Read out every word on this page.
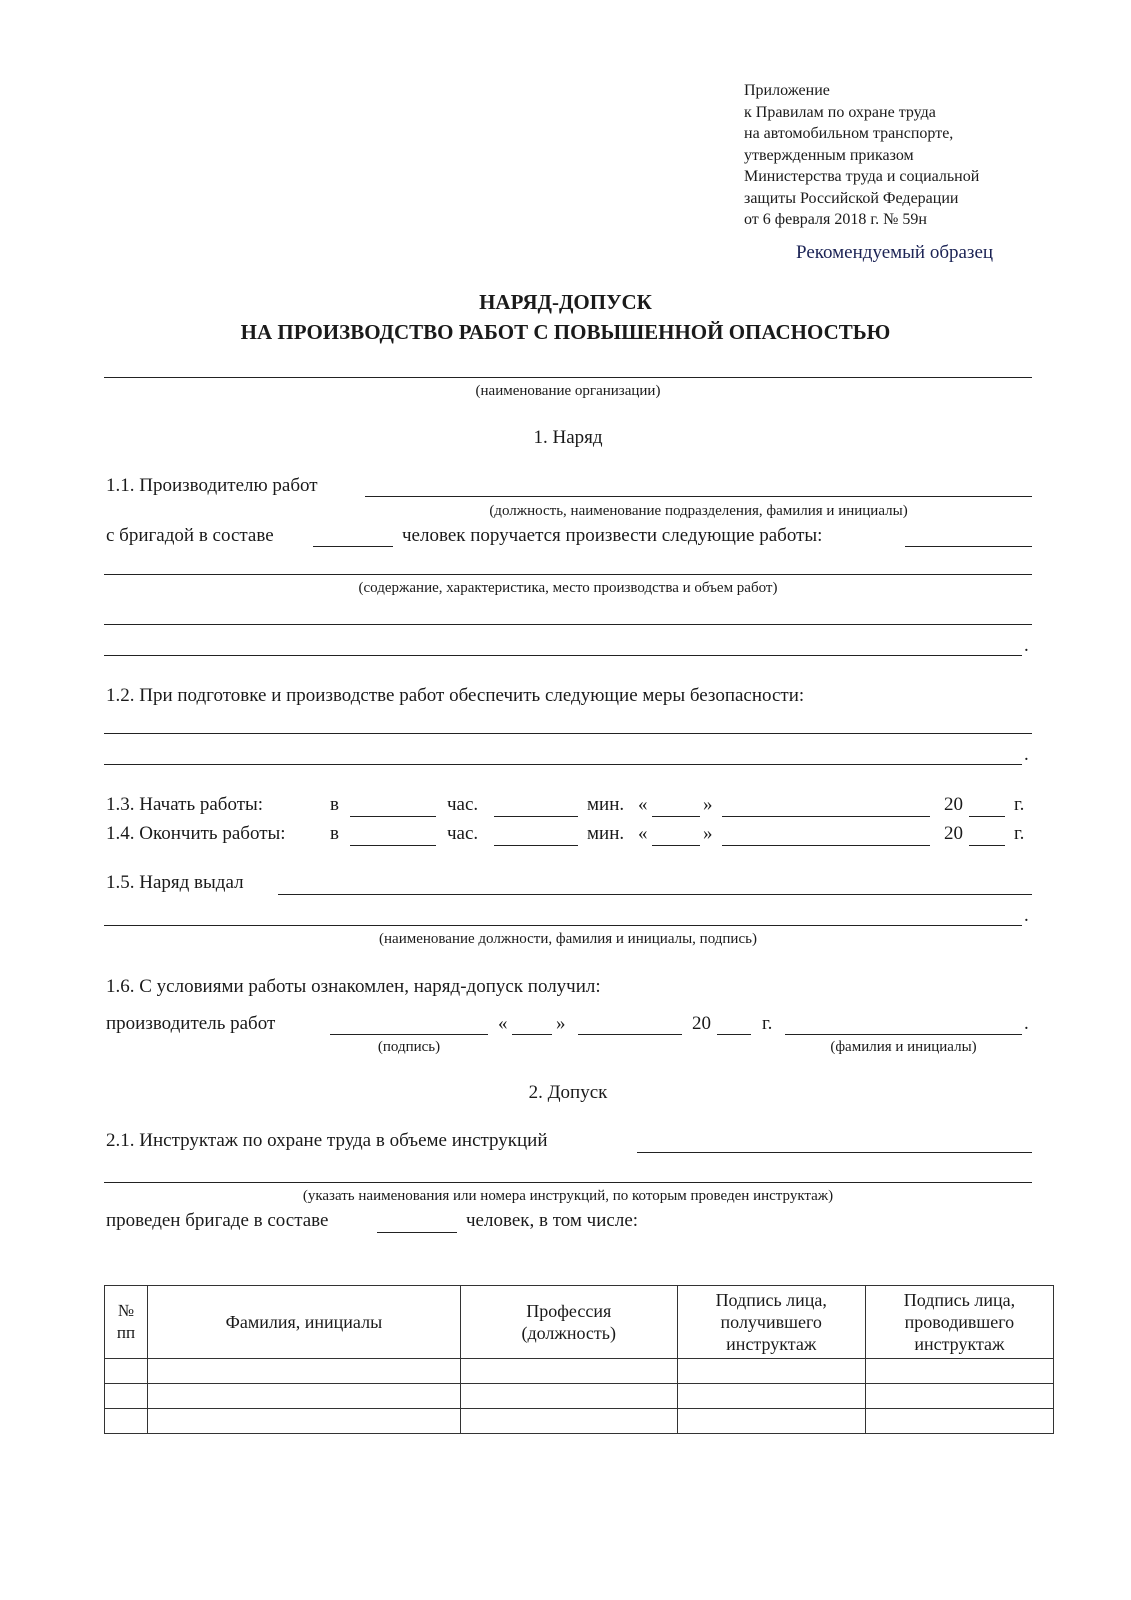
Приложение
к Правилам по охране труда
на автомобильном транспорте,
утвержденным приказом
Министерства труда и социальной
защиты Российской Федерации
от 6 февраля 2018 г. № 59н
Рекомендуемый образец
НАРЯД-ДОПУСК
НА ПРОИЗВОДСТВО РАБОТ С ПОВЫШЕННОЙ ОПАСНОСТЬЮ
(наименование организации)
1. Наряд
1.1. Производителю работ
(должность, наименование подразделения, фамилия и инициалы)
с бригадой в составе	человек поручается произвести следующие работы:
(содержание, характеристика, место производства и объем работ)
.
1.2. При подготовке и производстве работ обеспечить следующие меры безопасности:
.
1.3. Начать работы:	в	час.	мин. «	»	20	г.
1.4. Окончить работы: в	час.	мин. «	»	20	г.
1.5. Наряд выдал
.
(наименование должности, фамилия и инициалы, подпись)
1.6. С условиями работы ознакомлен, наряд-допуск получил:
производитель работ
(подпись)
«	»	20	г.	.
(фамилия и инициалы)
2. Допуск
2.1. Инструктаж по охране труда в объеме инструкций
(указать наименования или номера инструкций, по которым проведен инструктаж)
проведен бригаде в составе	человек, в том числе:
№ пп	Фамилия, инициалы	Профессия (должность)	Подпись лица, получившего инструктаж	Подпись лица, проводившего инструктаж
